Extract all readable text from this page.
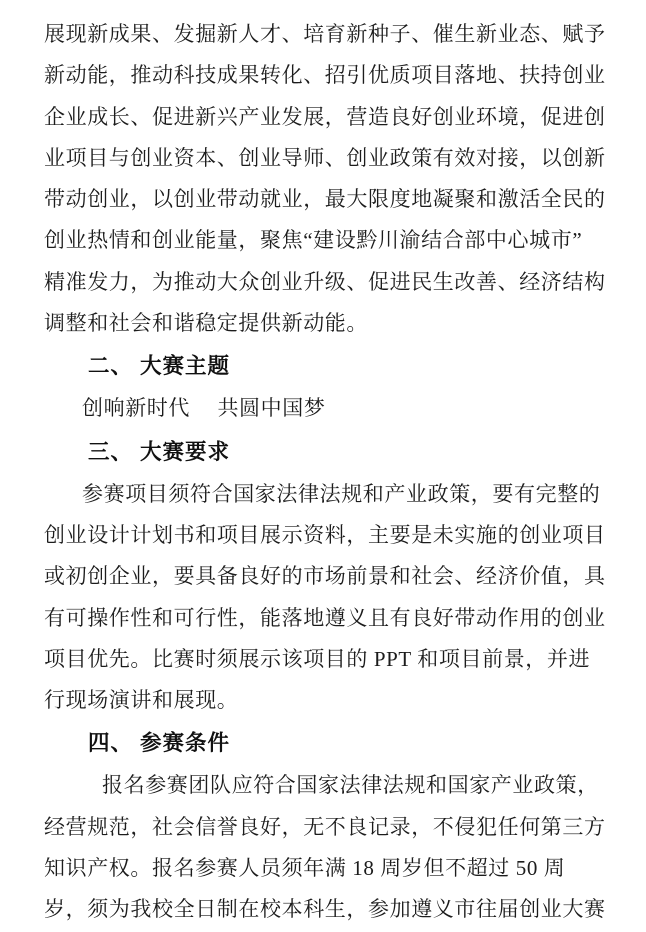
展现新成果、发掘新人才、培育新种子、催生新业态、赋予
新动能，推动科技成果转化、招引优质项目落地、扶持创业
企业成长、促进新兴产业发展，营造良好创业环境，促进创
业项目与创业资本、创业导师、创业政策有效对接，以创新
带动创业，以创业带动就业，最大限度地凝聚和激活全民的
创业热情和创业能量，聚焦“建设黔川渝结合部中心城市”
精准发力，为推动大众创业升级、促进民生改善、经济结构
调整和社会和谐稳定提供新动能。
二、 大赛主题
创响新时代　 共圆中国梦
三、 大赛要求
参赛项目须符合国家法律法规和产业政策，要有完整的
创业设计计划书和项目展示资料，主要是未实施的创业项目
或初创企业，要具备良好的市场前景和社会、经济价值，具
有可操作性和可行性，能落地遵义且有良好带动作用的创业
项目优先。比赛时须展示该项目的 PPT 和项目前景，并进
行现场演讲和展现。
四、 参赛条件
报名参赛团队应符合国家法律法规和国家产业政策，
经营规范，社会信誉良好，无不良记录，不侵犯任何第三方
知识产权。报名参赛人员须年满 18 周岁但不超过 50 周
岁，须为我校全日制在校本科生，参加遵义市往届创业大赛
